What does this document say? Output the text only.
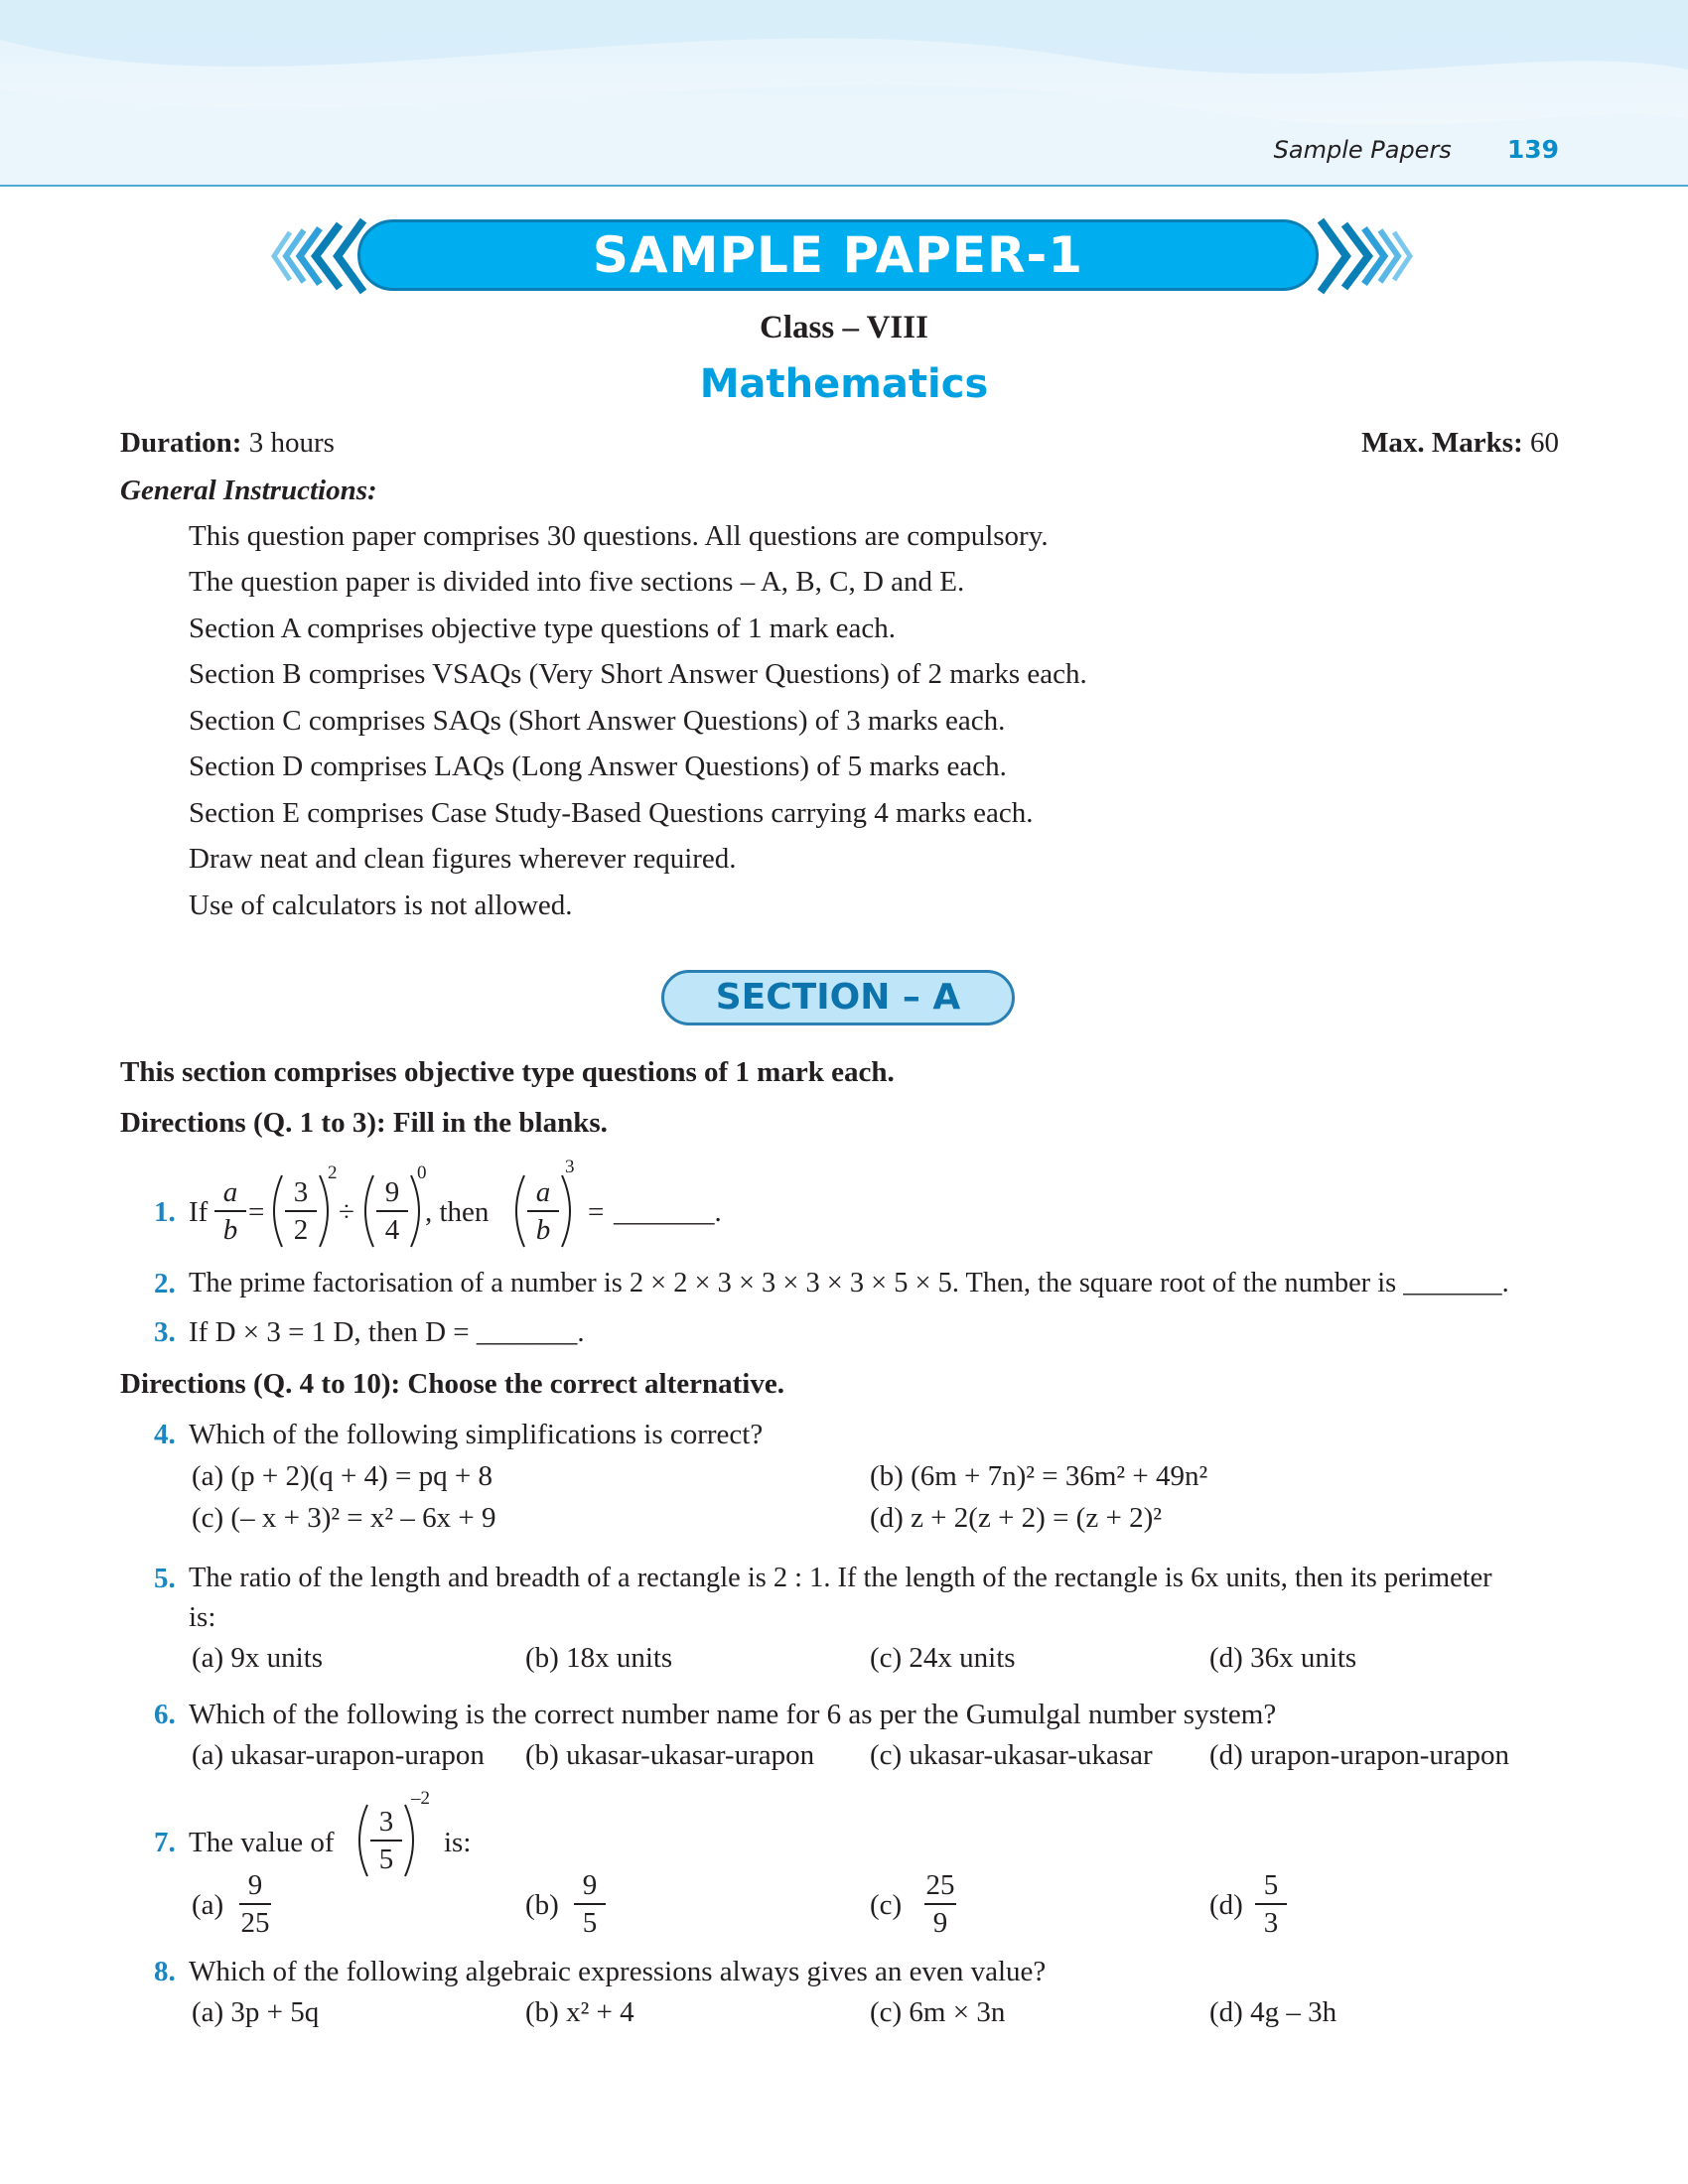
Sample Papers 139
SAMPLE PAPER-1
Class – VIII
Mathematics
Duration: 3 hours	Max. Marks: 60
General Instructions:
This question paper comprises 30 questions. All questions are compulsory.
The question paper is divided into five sections – A, B, C, D and E.
Section A comprises objective type questions of 1 mark each.
Section B comprises VSAQs (Very Short Answer Questions) of 2 marks each.
Section C comprises SAQs (Short Answer Questions) of 3 marks each.
Section D comprises LAQs (Long Answer Questions) of 5 marks each.
Section E comprises Case Study-Based Questions carrying 4 marks each.
Draw neat and clean figures wherever required.
Use of calculators is not allowed.
SECTION – A
This section comprises objective type questions of 1 mark each.
Directions (Q. 1 to 3): Fill in the blanks.
1. If
a
b
=
3
2
2
÷
9
4
0
, then
a
b
3
= _______.
2. The prime factorisation of a number is 2 × 2 × 3 × 3 × 3 × 3 × 5 × 5. Then, the square root of the number is _______.
3. If D × 3 = 1 D, then D = _______.
Directions (Q. 4 to 10): Choose the correct alternative.
4. Which of the following simplifications is correct?
(a) (p + 2)(q + 4) = pq + 8	(b) (6m + 7n)² = 36m² + 49n²
(c) (– x + 3)² = x² – 6x + 9	(d) z + 2(z + 2) = (z + 2)²
5. The ratio of the length and breadth of a rectangle is 2 : 1. If the length of the rectangle is 6x units, then its perimeter
is:
(a) 9x units	(b) 18x units	(c) 24x units	(d) 36x units
6. Which of the following is the correct number name for 6 as per the Gumulgal number system?
(a) ukasar-urapon-urapon (b) ukasar-ukasar-urapon (c) ukasar-ukasar-ukasar (d) urapon-urapon-urapon
7. The value of
3
5
–2
is:
(a)
9
25
(b)
9
5
(c)
25
9
(d)
5
3
8. Which of the following algebraic expressions always gives an even value?
(a) 3p + 5q	(b) x² + 4	(c) 6m × 3n	(d) 4g – 3h
